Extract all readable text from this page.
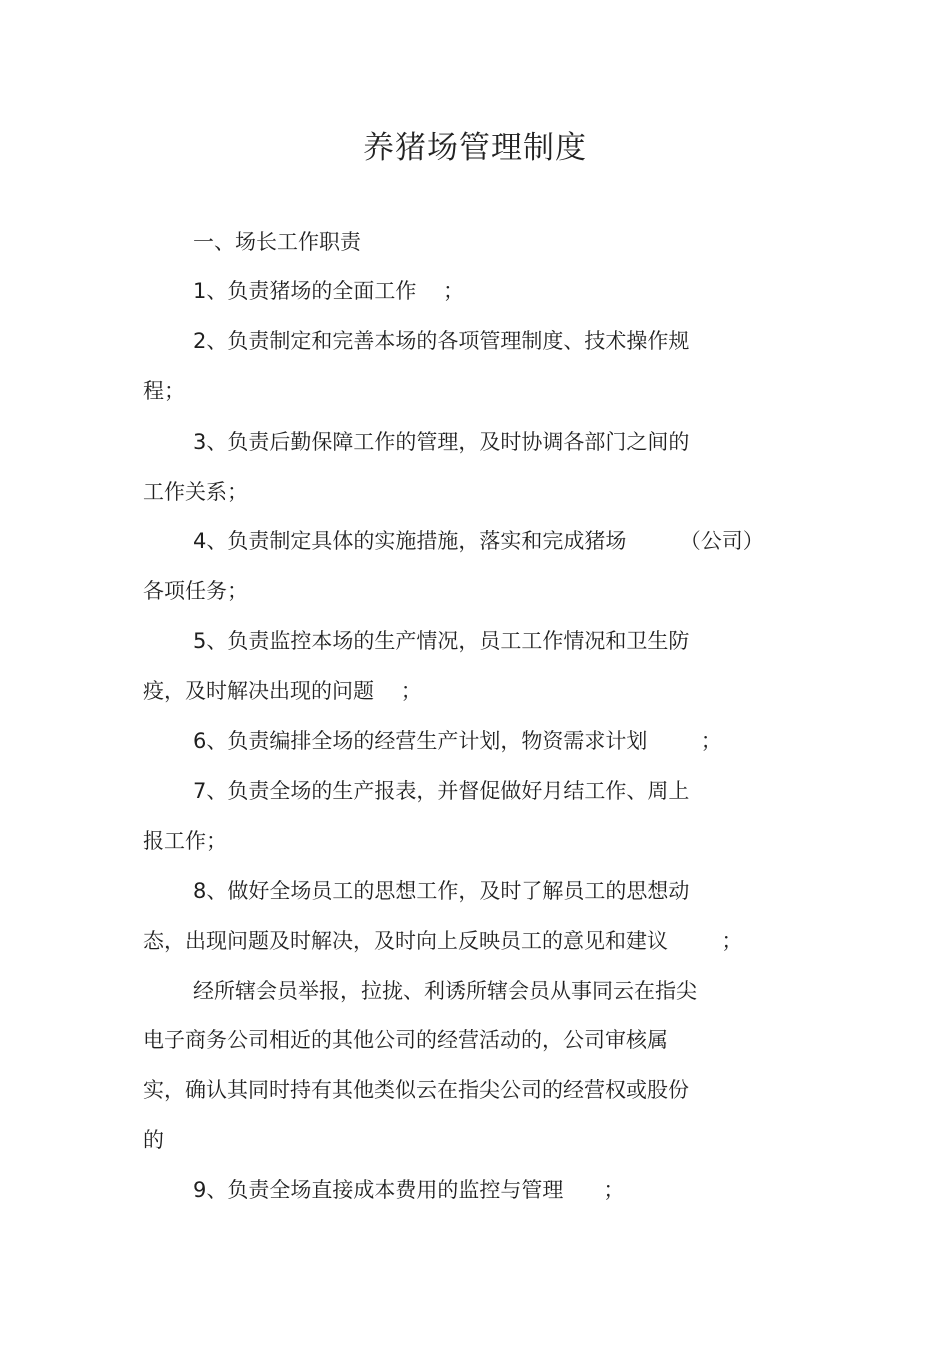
养猪场管理制度
一、场长工作职责
1、负责猪场的全面工作    ；
2、负责制定和完善本场的各项管理制度、技术操作规
程；
3、负责后勤保障工作的管理，及时协调各部门之间的
工作关系；
4、负责制定具体的实施措施，落实和完成猪场        （公司）
各项任务；
5、负责监控本场的生产情况，员工工作情况和卫生防
疫，及时解决出现的问题    ；
6、负责编排全场的经营生产计划，物资需求计划        ；
7、负责全场的生产报表，并督促做好月结工作、周上
报工作；
8、做好全场员工的思想工作，及时了解员工的思想动
态，出现问题及时解决，及时向上反映员工的意见和建议        ；
经所辖会员举报，拉拢、利诱所辖会员从事同云在指尖
电子商务公司相近的其他公司的经营活动的，公司审核属
实，确认其同时持有其他类似云在指尖公司的经营权或股份
的
9、负责全场直接成本费用的监控与管理      ；
